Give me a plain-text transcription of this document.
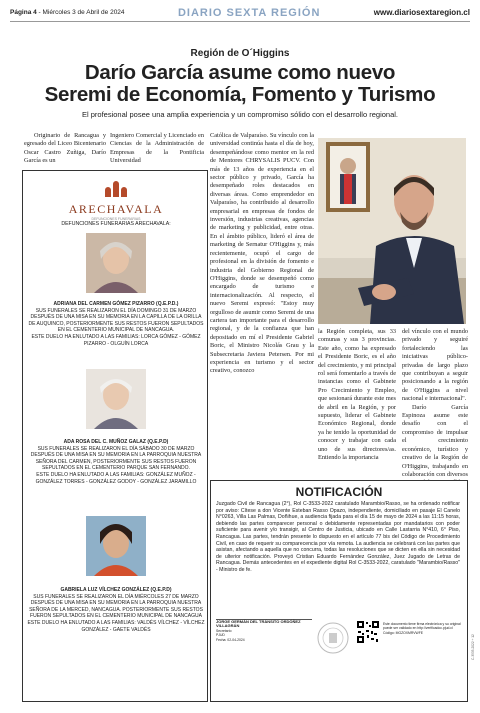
Página 4 - Miércoles 3 de Abril de 2024	DIARIO SEXTA REGIÓN	www.diariosextaregion.cl
Región de O´Higgins
Darío García asume como nuevo
Seremi de Economía, Fomento y Turismo
El profesional posee una amplia experiencia y un compromiso sólido con el desarrollo regional.
Originario de Rancagua y egresado del Liceo Bicentenario Oscar Castro Zuñiga, Darío García es un
Ingeniero Comercial y Licenciado en Ciencias de la Administración de Empresas de la Pontificia Universidad
Católica de Valparaíso. Su vínculo con la universidad continúa hasta el día de hoy, desempeñándose como mentor en la red de Mentores CHRYSALIS PUCV. Con más de 13 años de experiencia en el sector público y privado, García ha desempeñado roles destacados en diversas áreas. Como emprendedor en Valparaíso, ha contribuido al desarrollo empresarial en empresas de fondos de inversión, industrias creativas, agencias de marketing y publicidad, entre otras. En el ámbito público, lideró el área de marketing de Sernatur O'Higgins y, más recientemente, ocupó el cargo de profesional en la división de fomento e industria del Gobierno Regional de O'Higgins, donde se desempeñó como encargado de turismo e internacionalización. Al respecto, el nuevo Seremi expresó: "Estoy muy orgulloso de asumir como Seremi de una cartera tan importante para el desarrollo regional, y de la confianza que han depositado en mí el Presidente Gabriel Boric, el Ministro Nicolás Grau y la Subsecretaria Javiera Petersen. Por mi experiencia en turismo y el sector creativo, conozco
la Región completa, sus 33 comunas y sus 3 provincias. Este año, como ha expresado el Presidente Boric, es el año del crecimiento, y mi principal rol será fomentarlo a través de instancias como el Gabinete Pro Crecimiento y Empleo, que sesionará durante este mes de abril en la Región, y por supuesto, liderar el Gabinete Económico Regional, donde ya he tenido la oportunidad de conocer y trabajar con cada uno de sus directores/as. Entiendo la importancia
del vínculo con el mundo privado y seguiré fortaleciendo las iniciativas público-privadas de largo plazo que contribuyan a seguir posicionando a la región de O'Higgins a nivel nacional e internacional".
Darío García Espinoza asume este desafío con el compromiso de impulsar el crecimiento económico, turístico y creativo de la Región de O'Higgins, trabajando en colaboración con diversos
ARECHAVALA
DEFUNCIONES FUNERARIAS
DEFUNCIONES FUNERARIAS ARECHAVALA:
ADRIANA DEL CARMEN GÓMEZ PIZARRO (Q.E.P.D.)
SUS FUNERALES SE REALIZARON EL DÍA DOMINGO 31 DE MARZO DESPUÉS DE UNA MISA EN SU MEMORIA EN LA CAPILLA DE LA ORILLA DE AUQUINCO, POSTERIORMENTE SUS RESTOS FUERON SEPULTADOS EN EL CEMENTERIO MUNICIPAL DE NANCAGUA.
ESTE DUELO HA ENLUTADO A LAS FAMILIAS: LORCA GÓMEZ - GÓMEZ PIZARRO - OLGUÍN LORCA
ADA ROSA DEL C. MUÑOZ GALAZ (Q.E.P.D)
SUS FUNERALES SE REALIZARON EL DÍA SÁBADO 30 DE MARZO DESPUÉS DE UNA MISA EN SU MEMORIA EN LA PARROQUIA NUESTRA SEÑORA DEL CARMEN, POSTERIORMENTE SUS RESTOS FUERON SEPULTADOS EN EL CEMENTERIO PARQUE SAN FERNANDO.
ESTE DUELO HA ENLUTADO A LAS FAMILIAS: GONZÁLEZ MUÑOZ - GONZÁLEZ TORRES - GONZÁLEZ GODOY - GONZÁLEZ JARAMILLO
GABRIELA LUZ VÍLCHEZ GONZÁLEZ (Q.E.P.D)
SUS FUNERALES SE REALIZARON EL DÍA MIÉRCOLES 27 DE MARZO DESPUÉS DE UNA MISA EN SU MEMORIA EN LA PARROQUIA NUESTRA SEÑORA DE LA MERCED, NANCAGUA. POSTERIORMENTE SUS RESTOS FUERON SEPULTADOS EN EL CEMENTERIO MUNICIPAL DE NANCAGUA
ESTE DUELO HA ENLUTADO A LAS FAMILIAS: VALDÉS VÍLCHEZ - VÍLCHEZ GONZÁLEZ - GAETE VALDÉS
NOTIFICACIÓN
Juzgado Civil de Rancagua (2°), Rol C-3533-2022 caratulado Marambio/Rasso, se ha ordenado notificar por aviso: Cítese a don Vicente Esteban Rasso Opazo, independiente, domiciliado en pasaje El Canelo N°0263, Villa Las Palmas, Doñihue, a audiencia fijada para el día 15 de mayo de 2024 a las 11:15 horas, debiendo las partes comparecer personal o debidamente representadas por mandatarios con poder suficiente para avenir y/o transigir, al Centro de Justicia, ubicado en Calle Lastarria N°410, 6° Piso, Rancagua. Las partes, tendrán presente lo dispuesto en el artículo 77 bis del Código de Procedimiento Civil, en caso de requerir su comparecencia por vía remota. La audiencia se celebrará con las partes que asistan, afectando a aquella que no concurra, todas las resoluciones que se dicten en ella sin necesidad de ulterior notificación. Proveyó Cristian Eduardo Fernández González, Juez Jugado de Letras de Rancagua. Demás antecedentes en el expediente digital Rol C-3533-2022, caratulado "Marambio/Rasso" - Ministro de fe.
JORGE GERMÁN DEL TRÁNSITO ORDÓÑEZ VILLAGRÁN
Secretario
PJUD
Fecha: 02-04-2024
Este documento tiene firma electrónica y su original puede ser validado en http://verificadoc.pjud.cl
Código: MGZOXMRVWFE
C-3533-2022 + 12
